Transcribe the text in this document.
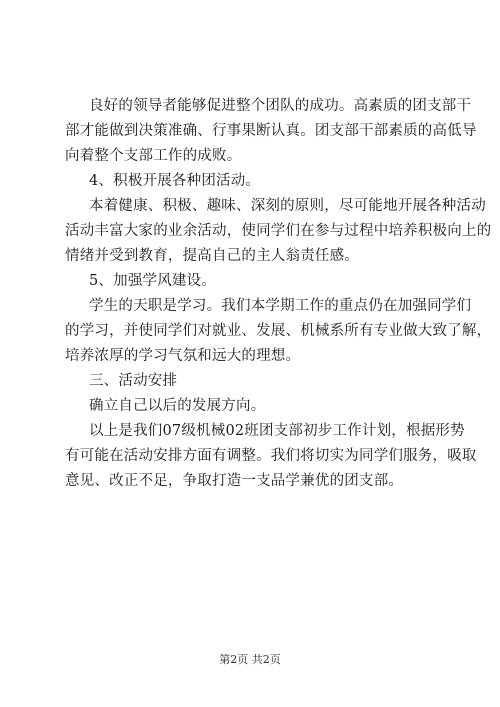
良好的领导者能够促进整个团队的成功。高素质的团支部干
部才能做到决策准确、行事果断认真。团支部干部素质的高低导
向着整个支部工作的成败。
4、积极开展各种团活动。
本着健康、积极、趣味、深刻的原则，尽可能地开展各种活动
活动丰富大家的业余活动，使同学们在参与过程中培养积极向上的
情绪并受到教育，提高自己的主人翁责任感。
5、加强学风建设。
学生的天职是学习。我们本学期工作的重点仍在加强同学们
的学习，并使同学们对就业、发展、机械系所有专业做大致了解，
培养浓厚的学习气氛和远大的理想。
三、活动安排
确立自己以后的发展方向。
以上是我们07级机械02班团支部初步工作计划，根据形势
有可能在活动安排方面有调整。我们将切实为同学们服务，吸取
意见、改正不足，争取打造一支品学兼优的团支部。
第2页 共2页
